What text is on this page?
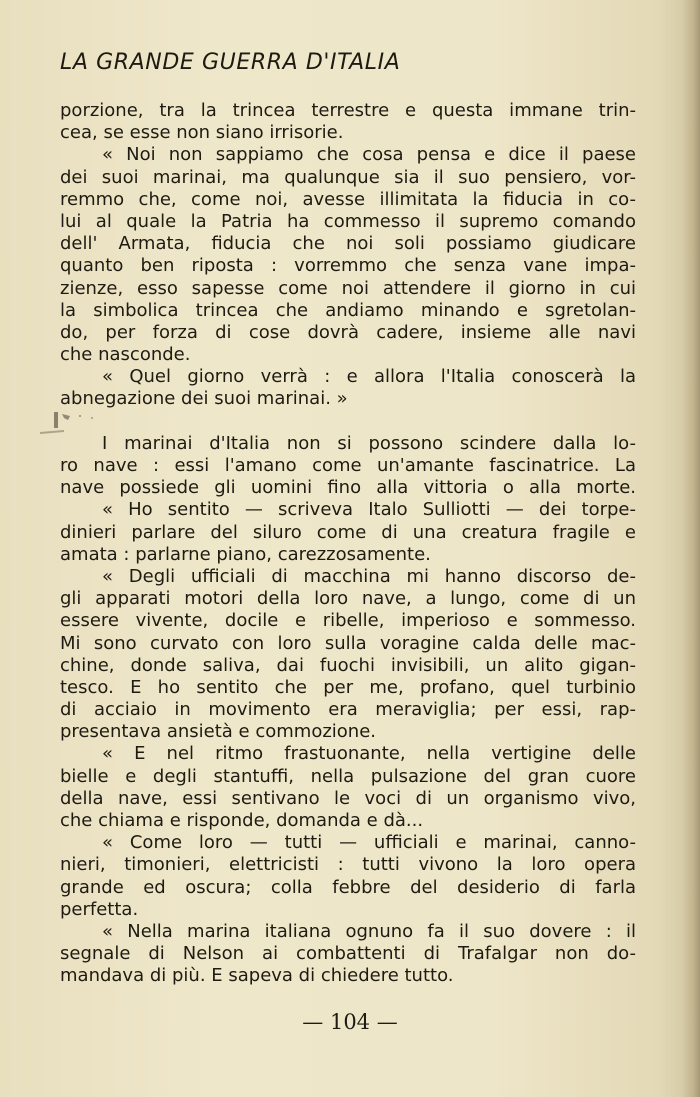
LA GRANDE GUERRA D'ITALIA
porzione, tra la trincea terrestre e questa immane trin-
cea, se esse non siano irrisorie.
« Noi non sappiamo che cosa pensa e dice il paese
dei suoi marinai, ma qualunque sia il suo pensiero, vor-
remmo che, come noi, avesse illimitata la fiducia in co-
lui al quale la Patria ha commesso il supremo comando
dell' Armata, fiducia che noi soli possiamo giudicare
quanto ben riposta : vorremmo che senza vane impa-
zienze, esso sapesse come noi attendere il giorno in cui
la simbolica trincea che andiamo minando e sgretolan-
do, per forza di cose dovrà cadere, insieme alle navi
che nasconde.
« Quel giorno verrà : e allora l'Italia conoscerà la
abnegazione dei suoi marinai. »
I marinai d'Italia non si possono scindere dalla lo-
ro nave : essi l'amano come un'amante fascinatrice. La
nave possiede gli uomini fino alla vittoria o alla morte.
« Ho sentito — scriveva Italo Sulliotti — dei torpe-
dinieri parlare del siluro come di una creatura fragile e
amata : parlarne piano, carezzosamente.
« Degli ufficiali di macchina mi hanno discorso de-
gli apparati motori della loro nave, a lungo, come di un
essere vivente, docile e ribelle, imperioso e sommesso.
Mi sono curvato con loro sulla voragine calda delle mac-
chine, donde saliva, dai fuochi invisibili, un alito gigan-
tesco. E ho sentito che per me, profano, quel turbinio
di acciaio in movimento era meraviglia; per essi, rap-
presentava ansietà e commozione.
« E nel ritmo frastuonante, nella vertigine delle
bielle e degli stantuffi, nella pulsazione del gran cuore
della nave, essi sentivano le voci di un organismo vivo,
che chiama e risponde, domanda e dà...
« Come loro — tutti — ufficiali e marinai, canno-
nieri, timonieri, elettricisti : tutti vivono la loro opera
grande ed oscura; colla febbre del desiderio di farla
perfetta.
« Nella marina italiana ognuno fa il suo dovere : il
segnale di Nelson ai combattenti di Trafalgar non do-
mandava di più. E sapeva di chiedere tutto.
— 104 —
